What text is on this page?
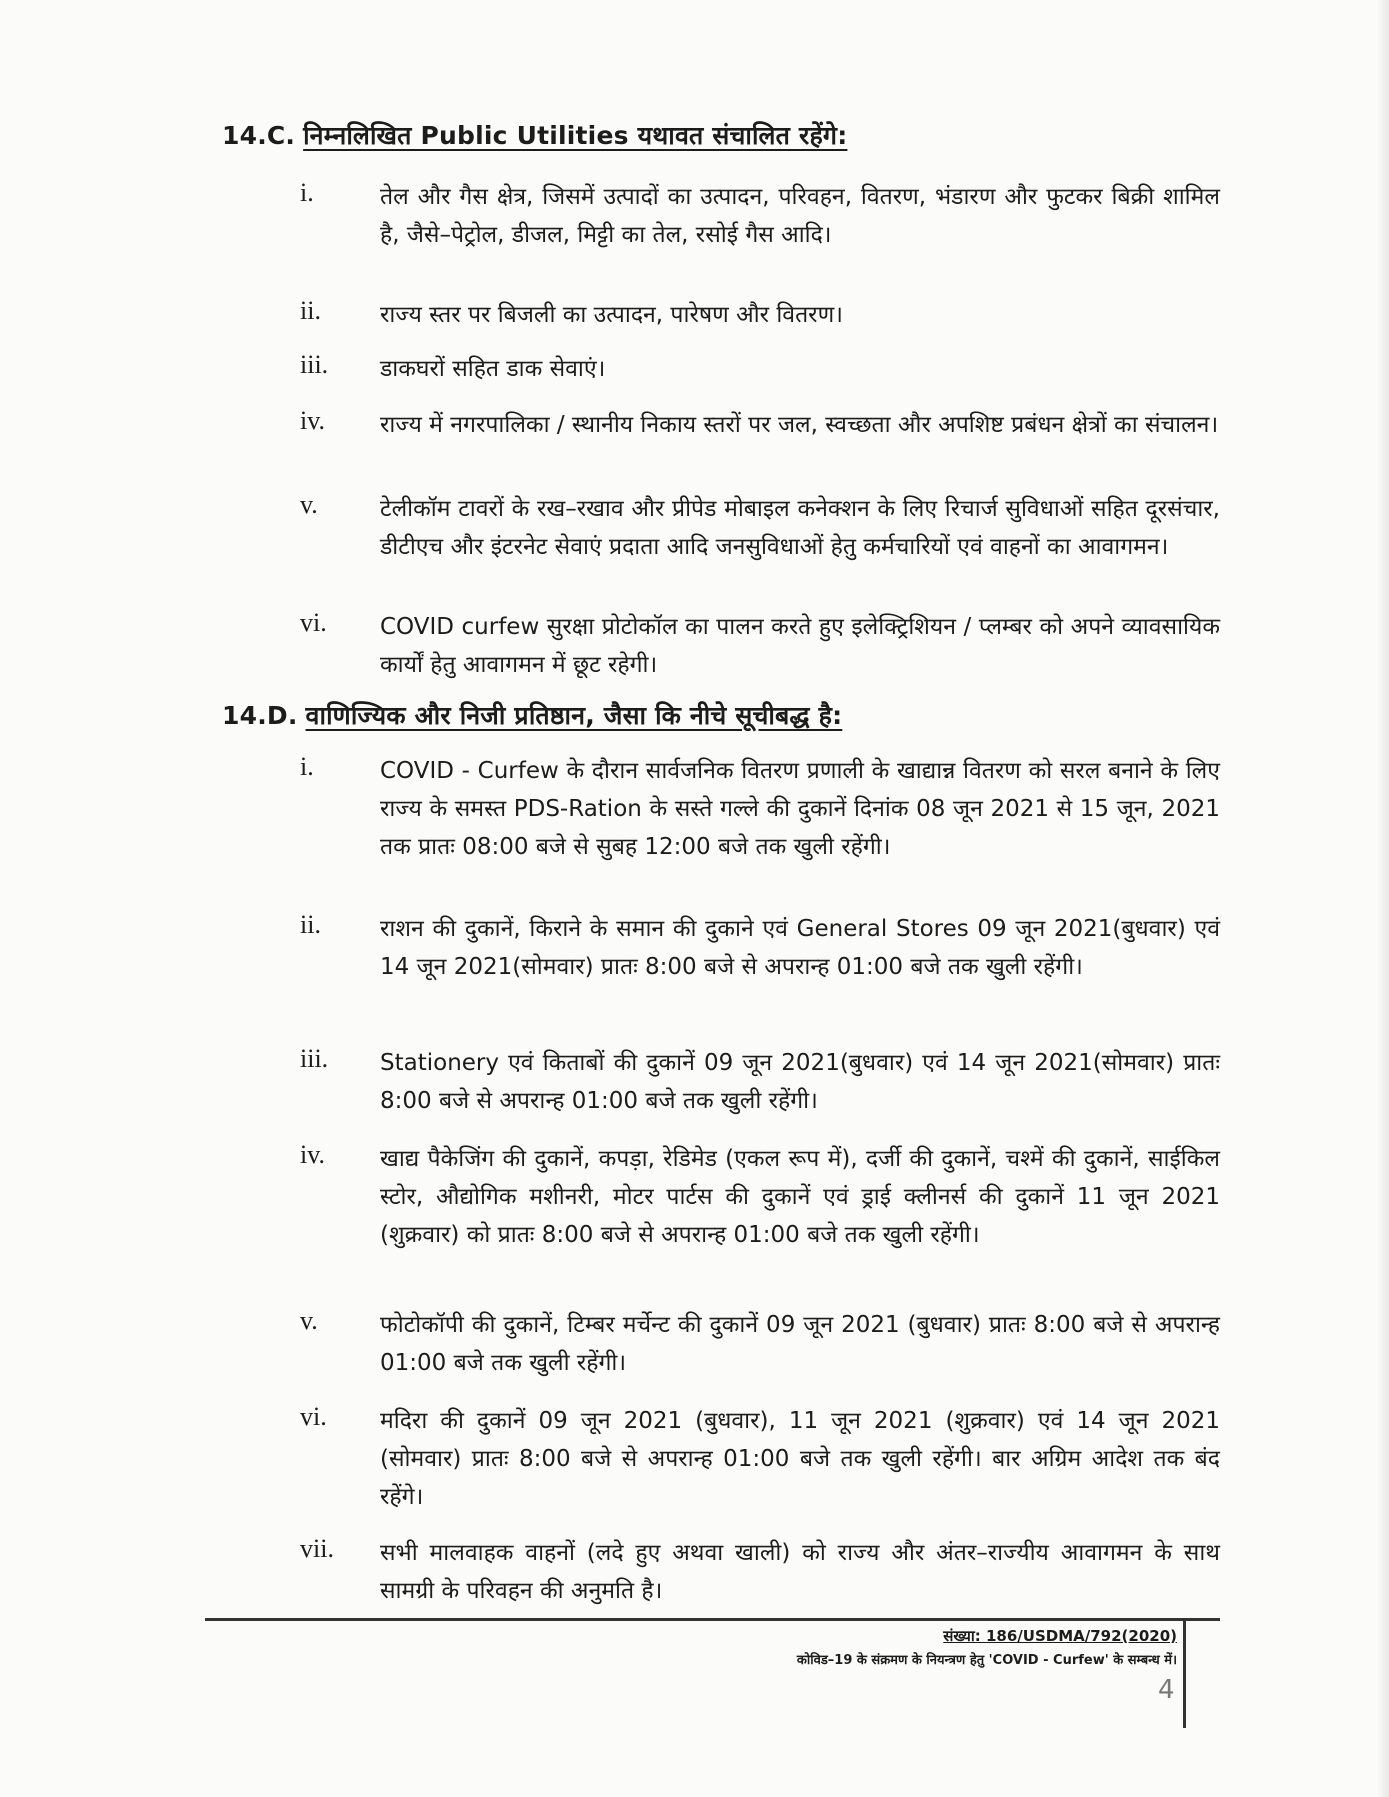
14.C. निम्नलिखित Public Utilities यथावत संचालित रहेंगे:
i.	तेल और गैस क्षेत्र, जिसमें उत्पादों का उत्पादन, परिवहन, वितरण, भंडारण और फुटकर बिक्री शामिल है, जैसे–पेट्रोल, डीजल, मिट्टी का तेल, रसोई गैस आदि।
ii.	राज्य स्तर पर बिजली का उत्पादन, पारेषण और वितरण।
iii.	डाकघरों सहित डाक सेवाएं।
iv.	राज्य में नगरपालिका / स्थानीय निकाय स्तरों पर जल, स्वच्छता और अपशिष्ट प्रबंधन क्षेत्रों का संचालन।
v.	टेलीकॉम टावरों के रख–रखाव और प्रीपेड मोबाइल कनेक्शन के लिए रिचार्ज सुविधाओं सहित दूरसंचार, डीटीएच और इंटरनेट सेवाएं प्रदाता आदि जनसुविधाओं हेतु कर्मचारियों एवं वाहनों का आवागमन।
vi.	COVID curfew सुरक्षा प्रोटोकॉल का पालन करते हुए इलेक्ट्रिशियन / प्लम्बर को अपने व्यावसायिक कार्यों हेतु आवागमन में छूट रहेगी।
14.D. वाणिज्यिक और निजी प्रतिष्ठान, जैसा कि नीचे सूचीबद्ध है:
i.	COVID - Curfew के दौरान सार्वजनिक वितरण प्रणाली के खाद्यान्न वितरण को सरल बनाने के लिए राज्य के समस्त PDS-Ration के सस्ते गल्ले की दुकानें दिनांक 08 जून 2021 से 15 जून, 2021 तक प्रातः 08:00 बजे से सुबह 12:00 बजे तक खुली रहेंगी।
ii.	राशन की दुकानें, किराने के समान की दुकाने एवं General Stores 09 जून 2021(बुधवार) एवं 14 जून 2021(सोमवार) प्रातः 8:00 बजे से अपरान्ह 01:00 बजे तक खुली रहेंगी।
iii.	Stationery एवं किताबों की दुकानें 09 जून 2021(बुधवार) एवं 14 जून 2021(सोमवार) प्रातः 8:00 बजे से अपरान्ह 01:00 बजे तक खुली रहेंगी।
iv.	खाद्य पैकेजिंग की दुकानें, कपड़ा, रेडिमेड (एकल रूप में), दर्जी की दुकानें, चश्में की दुकानें, साईकिल स्टोर, औद्योगिक मशीनरी, मोटर पार्टस की दुकानें एवं ड्राई क्लीनर्स की दुकानें 11 जून 2021 (शुक्रवार) को प्रातः 8:00 बजे से अपरान्ह 01:00 बजे तक खुली रहेंगी।
v.	फोटोकॉपी की दुकानें, टिम्बर मर्चेन्ट की दुकानें 09 जून 2021 (बुधवार) प्रातः 8:00 बजे से अपरान्ह 01:00 बजे तक खुली रहेंगी।
vi.	मदिरा की दुकानें 09 जून 2021 (बुधवार), 11 जून 2021 (शुक्रवार) एवं 14 जून 2021 (सोमवार) प्रातः 8:00 बजे से अपरान्ह 01:00 बजे तक खुली रहेंगी। बार अग्रिम आदेश तक बंद रहेंगे।
vii.	सभी मालवाहक वाहनों (लदे हुए अथवा खाली) को राज्य और अंतर–राज्यीय आवागमन के साथ सामग्री के परिवहन की अनुमति है।
संख्या: 186/USDMA/792(2020)
कोविड–19 के संक्रमण के नियन्त्रण हेतु 'COVID - Curfew' के सम्बन्ध में।
4
